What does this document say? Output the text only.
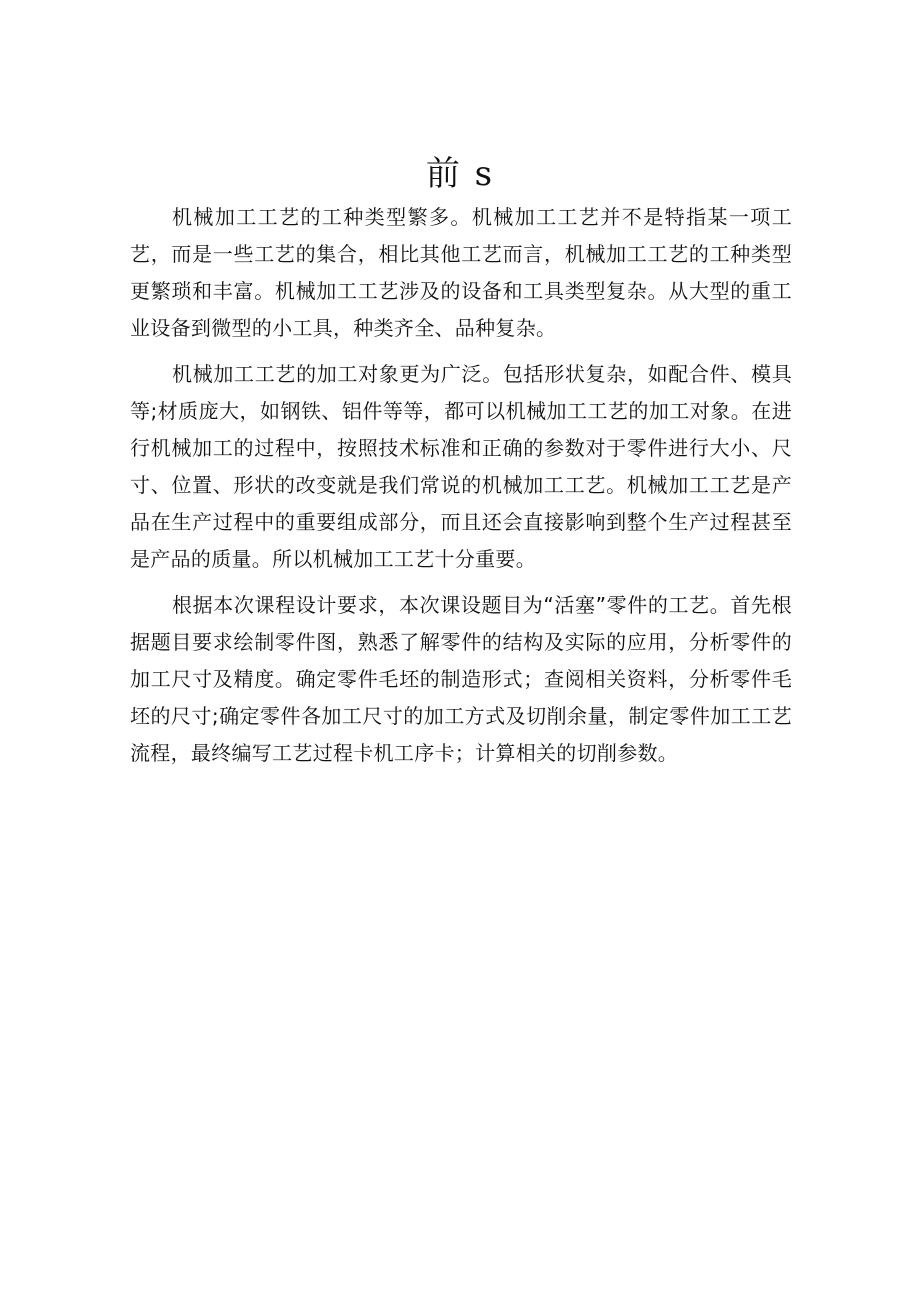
前 s

机械加工工艺的工种类型繁多。机械加工工艺并不是特指某一项工艺，而是一些工艺的集合，相比其他工艺而言，机械加工工艺的工种类型更繁琐和丰富。机械加工工艺涉及的设备和工具类型复杂。从大型的重工业设备到微型的小工具，种类齐全、品种复杂。

机械加工工艺的加工对象更为广泛。包括形状复杂，如配合件、模具等;材质庞大，如钢铁、铝件等等，都可以机械加工工艺的加工对象。在进行机械加工的过程中，按照技术标准和正确的参数对于零件进行大小、尺寸、位置、形状的改变就是我们常说的机械加工工艺。机械加工工艺是产品在生产过程中的重要组成部分，而且还会直接影响到整个生产过程甚至是产品的质量。所以机械加工工艺十分重要。

根据本次课程设计要求，本次课设题目为“活塞”零件的工艺。首先根据题目要求绘制零件图，熟悉了解零件的结构及实际的应用，分析零件的加工尺寸及精度。确定零件毛坯的制造形式；查阅相关资料，分析零件毛坯的尺寸;确定零件各加工尺寸的加工方式及切削余量，制定零件加工工艺流程，最终编写工艺过程卡机工序卡；计算相关的切削参数。
